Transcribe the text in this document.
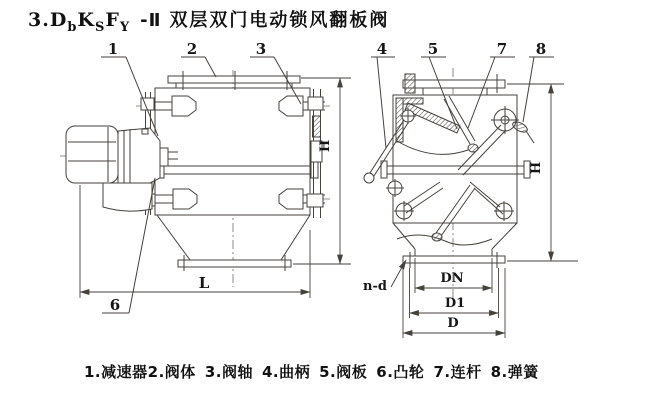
$3.D_bK_SF_Y$ -Ⅱ 双层双门电动锁风翻板阀
H
L
1	2	3
6
H
DN
D1
D
n-d
4	5	7 8
1.减速器2.阀体 3.阀轴 4.曲柄 5.阀板 6.凸轮 7.连杆 8.弹簧
